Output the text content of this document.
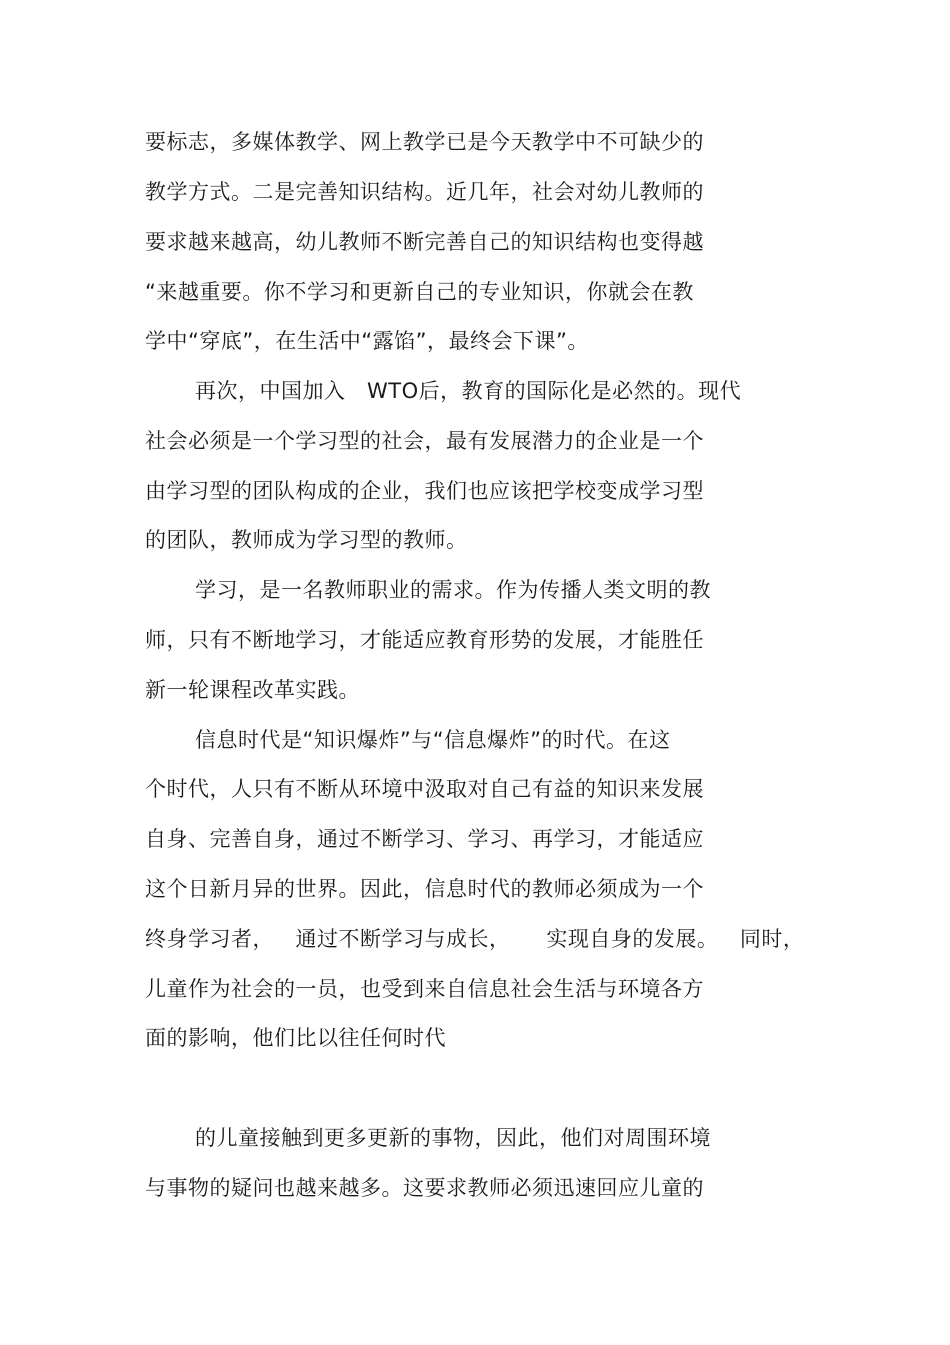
要标志，多媒体教学、网上教学已是今天教学中不可缺少的
教学方式。二是完善知识结构。近几年，社会对幼儿教师的
要求越来越高，幼儿教师不断完善自己的知识结构也变得越
“来越重要。你不学习和更新自己的专业知识，你就会在教
学中“穿底”，在生活中“露馅”，最终会下课”。
再次，中国加入   WTO后，教育的国际化是必然的。现代
社会必须是一个学习型的社会，最有发展潜力的企业是一个
由学习型的团队构成的企业，我们也应该把学校变成学习型
的团队，教师成为学习型的教师。
学习，是一名教师职业的需求。作为传播人类文明的教
师，只有不断地学习，才能适应教育形势的发展，才能胜任
新一轮课程改革实践。
信息时代是“知识爆炸”与“信息爆炸”的时代。在这
个时代，人只有不断从环境中汲取对自己有益的知识来发展
自身、完善自身，通过不断学习、学习、再学习，才能适应
这个日新月异的世界。因此，信息时代的教师必须成为一个
终身学习者，   通过不断学习与成长，     实现自身的发展。   同时，
儿童作为社会的一员，也受到来自信息社会生活与环境各方
面的影响，他们比以往任何时代
的儿童接触到更多更新的事物，因此，他们对周围环境
与事物的疑问也越来越多。这要求教师必须迅速回应儿童的
